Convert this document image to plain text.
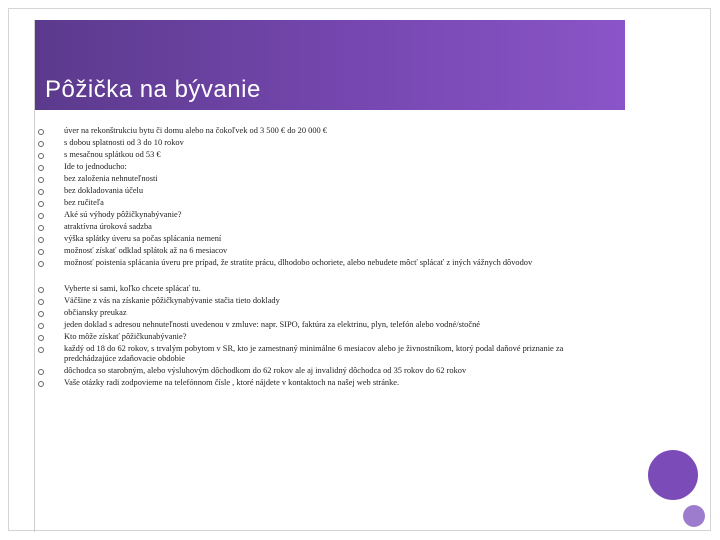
Pôžička na bývanie
úver na rekonštrukciu bytu či domu alebo na čokoľvek od 3 500 € do 20 000 €
s dobou splatnosti od 3 do 10 rokov
s mesačnou splátkou od 53 €
Ide to jednoducho:
bez založenia nehnuteľnosti
bez dokladovania účelu
bez ručiteľa
Aké sú výhody pôžičkynabývanie?
atraktívna úroková sadzba
výška splátky úveru sa počas splácania nemení
možnosť získať odklad splátok až na 6 mesiacov
možnosť poistenia splácania úveru pre prípad, že stratíte prácu, dlhodobo ochoriete, alebo nebudete môcť splácať z iných vážnych dôvodov
Vyberte si sami, koľko chcete splácať tu.
Väčšine z vás na získanie pôžičkynabývanie stačia tieto doklady
občiansky preukaz
jeden doklad s adresou nehnuteľnosti uvedenou v zmluve: napr. SIPO, faktúra za elektrinu, plyn, telefón alebo vodné/stočné
Kto môže získať pôžičkunabývanie?
každý od 18 do 62 rokov, s trvalým pobytom v SR, kto je zamestnaný minimálne 6 mesiacov alebo je živnostníkom, ktorý podal daňové priznanie za predchádzajúce zdaňovacie obdobie
dôchodca so starobným, alebo výsluhovým dôchodkom do 62 rokov ale aj invalidný dôchodca od 35 rokov do 62 rokov
Vaše otázky radi zodpovieme na telefónnom čísle , ktoré nájdete v kontaktoch na našej web stránke.
